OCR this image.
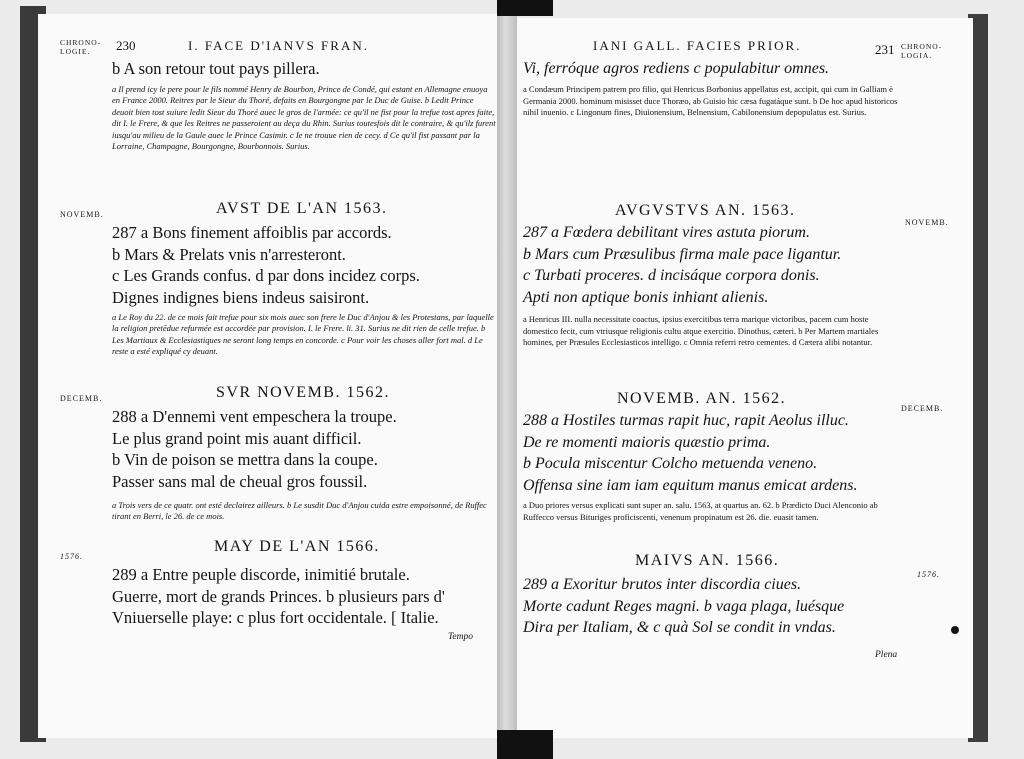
CHRONO-
LOGIE.	230	I. FACE D'IANVS FRAN.
b A son retour tout pays pillera.
a Il prend icy le pere pour le fils nommé Henry de Bourbon, Prince de Condé, qui estant en Allemagne enuoya en France 2000. Reitres par le Sieur du Thoré, defaits en Bourgongne par le Duc de Guise. b Ledit Prince deuoit bien tost suiure ledit Sieur du Thoré auec le gros de l'armée: ce qu'il ne fist pour la trefue tost apres faite, dit I. le Frere, & que les Reitres ne passeroient au deça du Rhin. Surius toutesfois dit le contraire, & qu'ilz furent iusqu'au milieu de la Gaule auec le Prince Casimir. c Ie ne trouue rien de cecy. d Ce qu'il fist passant par la Lorraine, Champagne, Bourgongne, Bourbonnois. Surius.
NOVEMB.	AVST DE L'AN 1563.
287 a Bons finement affoiblis par accords.
b Mars & Prelats vnis n'arresteront.
c Les Grands confus. d par dons incidez corps.
Dignes indignes biens indeus saisiront.
a Le Roy du 22. de ce mois fait trefue pour six mois auec son frere le Duc d'Anjou & les Protestans, par laquelle la religion pretēdue refurmée est accordée par provision. I. le Frere. li. 31. Surius ne dit rien de celle trefue. b Les Martiaux & Ecclesiastiques ne seront long temps en concorde. c Pour voir les choses aller fort mal. d Le reste a esté expliqué cy deuant.
DECEMB.	SVR NOVEMB. 1562.
288 a D'ennemi vent empeschera la troupe.
Le plus grand point mis auant difficil.
b Vin de poison se mettra dans la coupe.
Passer sans mal de cheual gros foussil.
a Trois vers de ce quatr. ont esté declairez ailleurs. b Le susdit Duc d'Anjou cuida estre empoisonné, de Ruffec tirant en Berri, le 26. de ce mois.
1576.
MAY DE L'AN 1566.
289 a Entre peuple discorde, inimitié brutale.
Guerre, mort de grands Princes. b plusieurs pars d'
Vniuerselle playe: c plus fort occidentale. [ Italie.
Tempo
IANI GALL. FACIES PRIOR.	231 CHRONO-
LOGIA.
Vi, ferróque agros rediens c populabitur omnes.
a Condæum Principem patrem pro filio, qui Henricus Borbonius appellatus est, accipit, qui cum in Galliam è Germania 2000. hominum misisset duce Thoræo, ab Guisio hic cæsa fugatáque sunt. b De hoc apud historicos nihil inuenio. c Lingonum fines, Diuionensium, Belnensium, Cabilonensium depopulatus est. Surius.
NOVEMB.
AVGVSTVS AN. 1563.
287 a Fœdera debilitant vires astuta piorum.
b Mars cum Præsulibus firma male pace ligantur.
c Turbati proceres. d incisáque corpora donis.
Apti non aptique bonis inhiant alienis.
a Henricus III. nulla necessitate coactus, ipsius exercitibus terra marique victoribus, pacem cum hoste domestico fecit, cum vtriusque religionis cultu atque exercitio. Dinothus, cæteri. b Per Martem martiales homines, per Præsules Ecclesiasticos intelligo. c Omnia referri retro cementes. d Cætera alibi notantur.
DECEMB.
NOVEMB. AN. 1562.
288 a Hostiles turmas rapit huc, rapit Aeolus illuc.
De re momenti maioris quæstio prima.
b Pocula miscentur Colcho metuenda veneno.
Offensa sine iam iam equitum manus emicat ardens.
a Duo priores versus explicati sunt super an. salu. 1563, at quartus an. 62. b Prædicto Duci Alenconio ab Ruffecco versus Bituriges proficiscenti, venenum propinatum est 26. die. euasit tamen.
1576.
MAIVS AN. 1566.
289 a Exoritur brutos inter discordia ciues.
Morte cadunt Reges magni. b vaga plaga, luésque
Dira per Italiam, & c quà Sol se condit in vndas.
Plena
